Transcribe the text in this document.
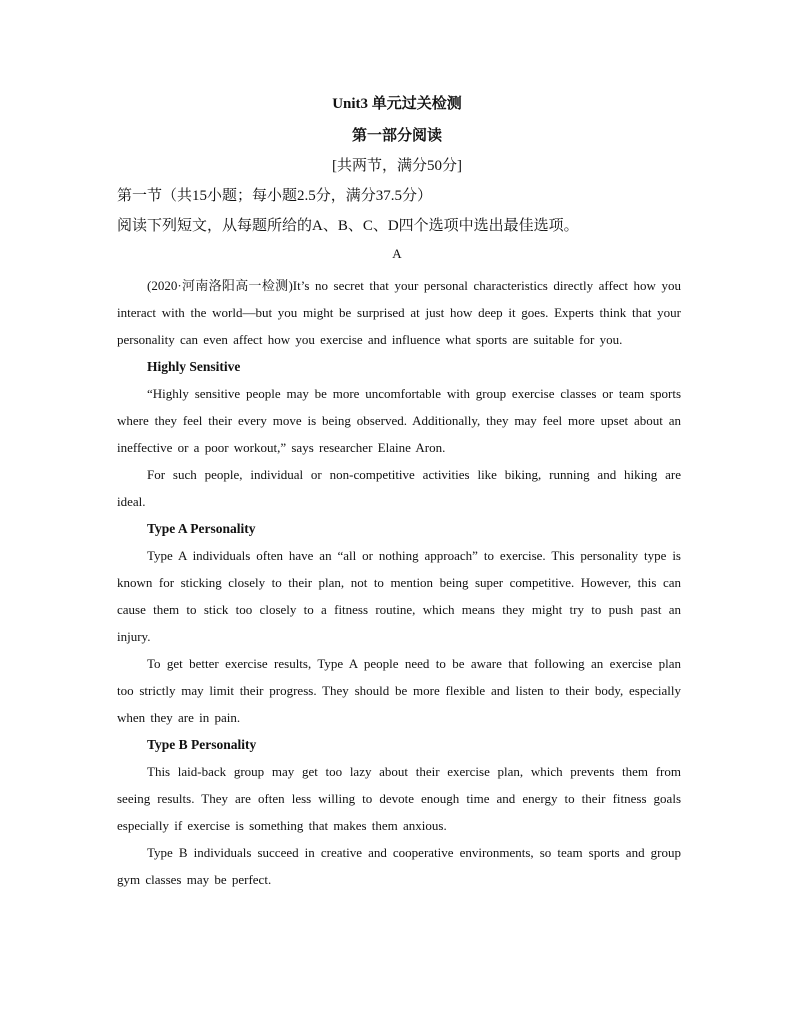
Unit3 单元过关检测

第一部分阅读

[共两节，满分50分]

第一节（共15小题；每小题2.5分，满分37.5分）

阅读下列短文，从每题所给的A、B、C、D四个选项中选出最佳选项。

A

(2020·河南洛阳高一检测)It’s no secret that your personal characteristics directly affect how you interact with the world—but you might be surprised at just how deep it goes. Experts think that your personality can even affect how you exercise and influence what sports are suitable for you.

Highly Sensitive

“Highly sensitive people may be more uncomfortable with group exercise classes or team sports where they feel their every move is being observed. Additionally, they may feel more upset about an ineffective or a poor workout,” says researcher Elaine Aron.

For such people, individual or non-competitive activities like biking, running and hiking are ideal.

Type A Personality

Type A individuals often have an “all or nothing approach” to exercise. This personality type is known for sticking closely to their plan, not to mention being super competitive. However, this can cause them to stick too closely to a fitness routine, which means they might try to push past an injury.

To get better exercise results, Type A people need to be aware that following an exercise plan too strictly may limit their progress. They should be more flexible and listen to their body, especially when they are in pain.

Type B Personality

This laid-back group may get too lazy about their exercise plan, which prevents them from seeing results. They are often less willing to devote enough time and energy to their fitness goals especially if exercise is something that makes them anxious.

Type B individuals succeed in creative and cooperative environments, so team sports and group gym classes may be perfect.
